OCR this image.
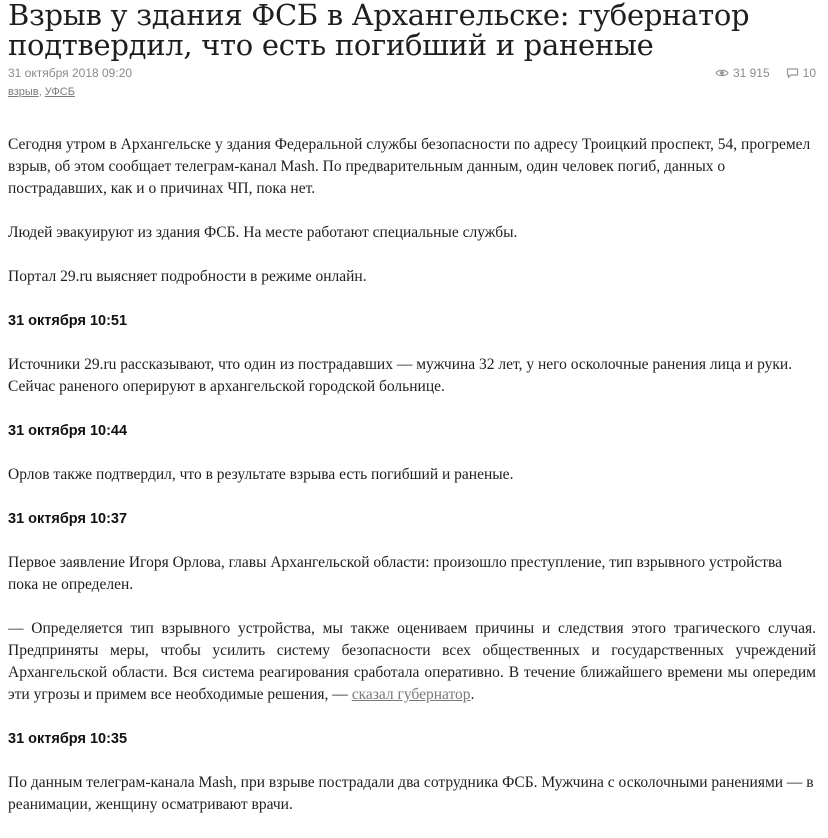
Взрыв у здания ФСБ в Архангельске: губернатор подтвердил, что есть погибший и раненые
31 октября 2018 09:20	31 915	10
взрыв, УФСБ

Сегодня утром в Архангельске у здания Федеральной службы безопасности по адресу Троицкий проспект, 54, прогремел взрыв, об этом сообщает телеграм-канал Mash. По предварительным данным, один человек погиб, данных о пострадавших, как и о причинах ЧП, пока нет.

Людей эвакуируют из здания ФСБ. На месте работают специальные службы.

Портал 29.ru выясняет подробности в режиме онлайн.

31 октября 10:51

Источники 29.ru рассказывают, что один из пострадавших — мужчина 32 лет, у него осколочные ранения лица и руки. Сейчас раненого оперируют в архангельской городской больнице.

31 октября 10:44

Орлов также подтвердил, что в результате взрыва есть погибший и раненые.

31 октября 10:37

Первое заявление Игоря Орлова, главы Архангельской области: произошло преступление, тип взрывного устройства пока не определен.

— Определяется тип взрывного устройства, мы также оцениваем причины и следствия этого трагического случая. Предприняты меры, чтобы усилить систему безопасности всех общественных и государственных учреждений Архангельской области. Вся система реагирования сработала оперативно. В течение ближайшего времени мы опередим эти угрозы и примем все необходимые решения, — сказал губернатор.

31 октября 10:35

По данным телеграм-канала Mash, при взрыве пострадали два сотрудника ФСБ. Мужчина с осколочными ранениями — в реанимации, женщину осматривают врачи.
